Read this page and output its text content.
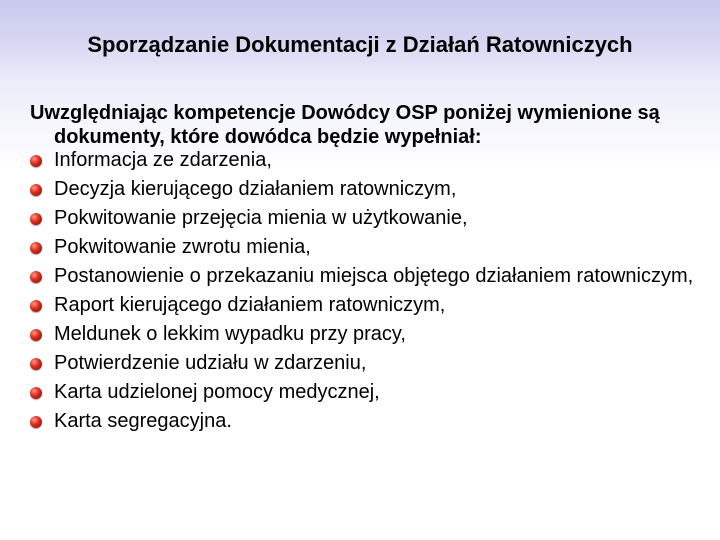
Sporządzanie Dokumentacji z Działań Ratowniczych

Uwzględniając kompetencje Dowódcy OSP poniżej wymienione są dokumenty, które dowódca będzie wypełniał:

Informacja ze zdarzenia,
Decyzja kierującego działaniem ratowniczym,
Pokwitowanie przejęcia mienia w użytkowanie,
Pokwitowanie zwrotu mienia,
Postanowienie o przekazaniu miejsca objętego działaniem ratowniczym,
Raport kierującego działaniem ratowniczym,
Meldunek o lekkim wypadku przy pracy,
Potwierdzenie udziału w zdarzeniu,
Karta udzielonej pomocy medycznej,
Karta segregacyjna.
